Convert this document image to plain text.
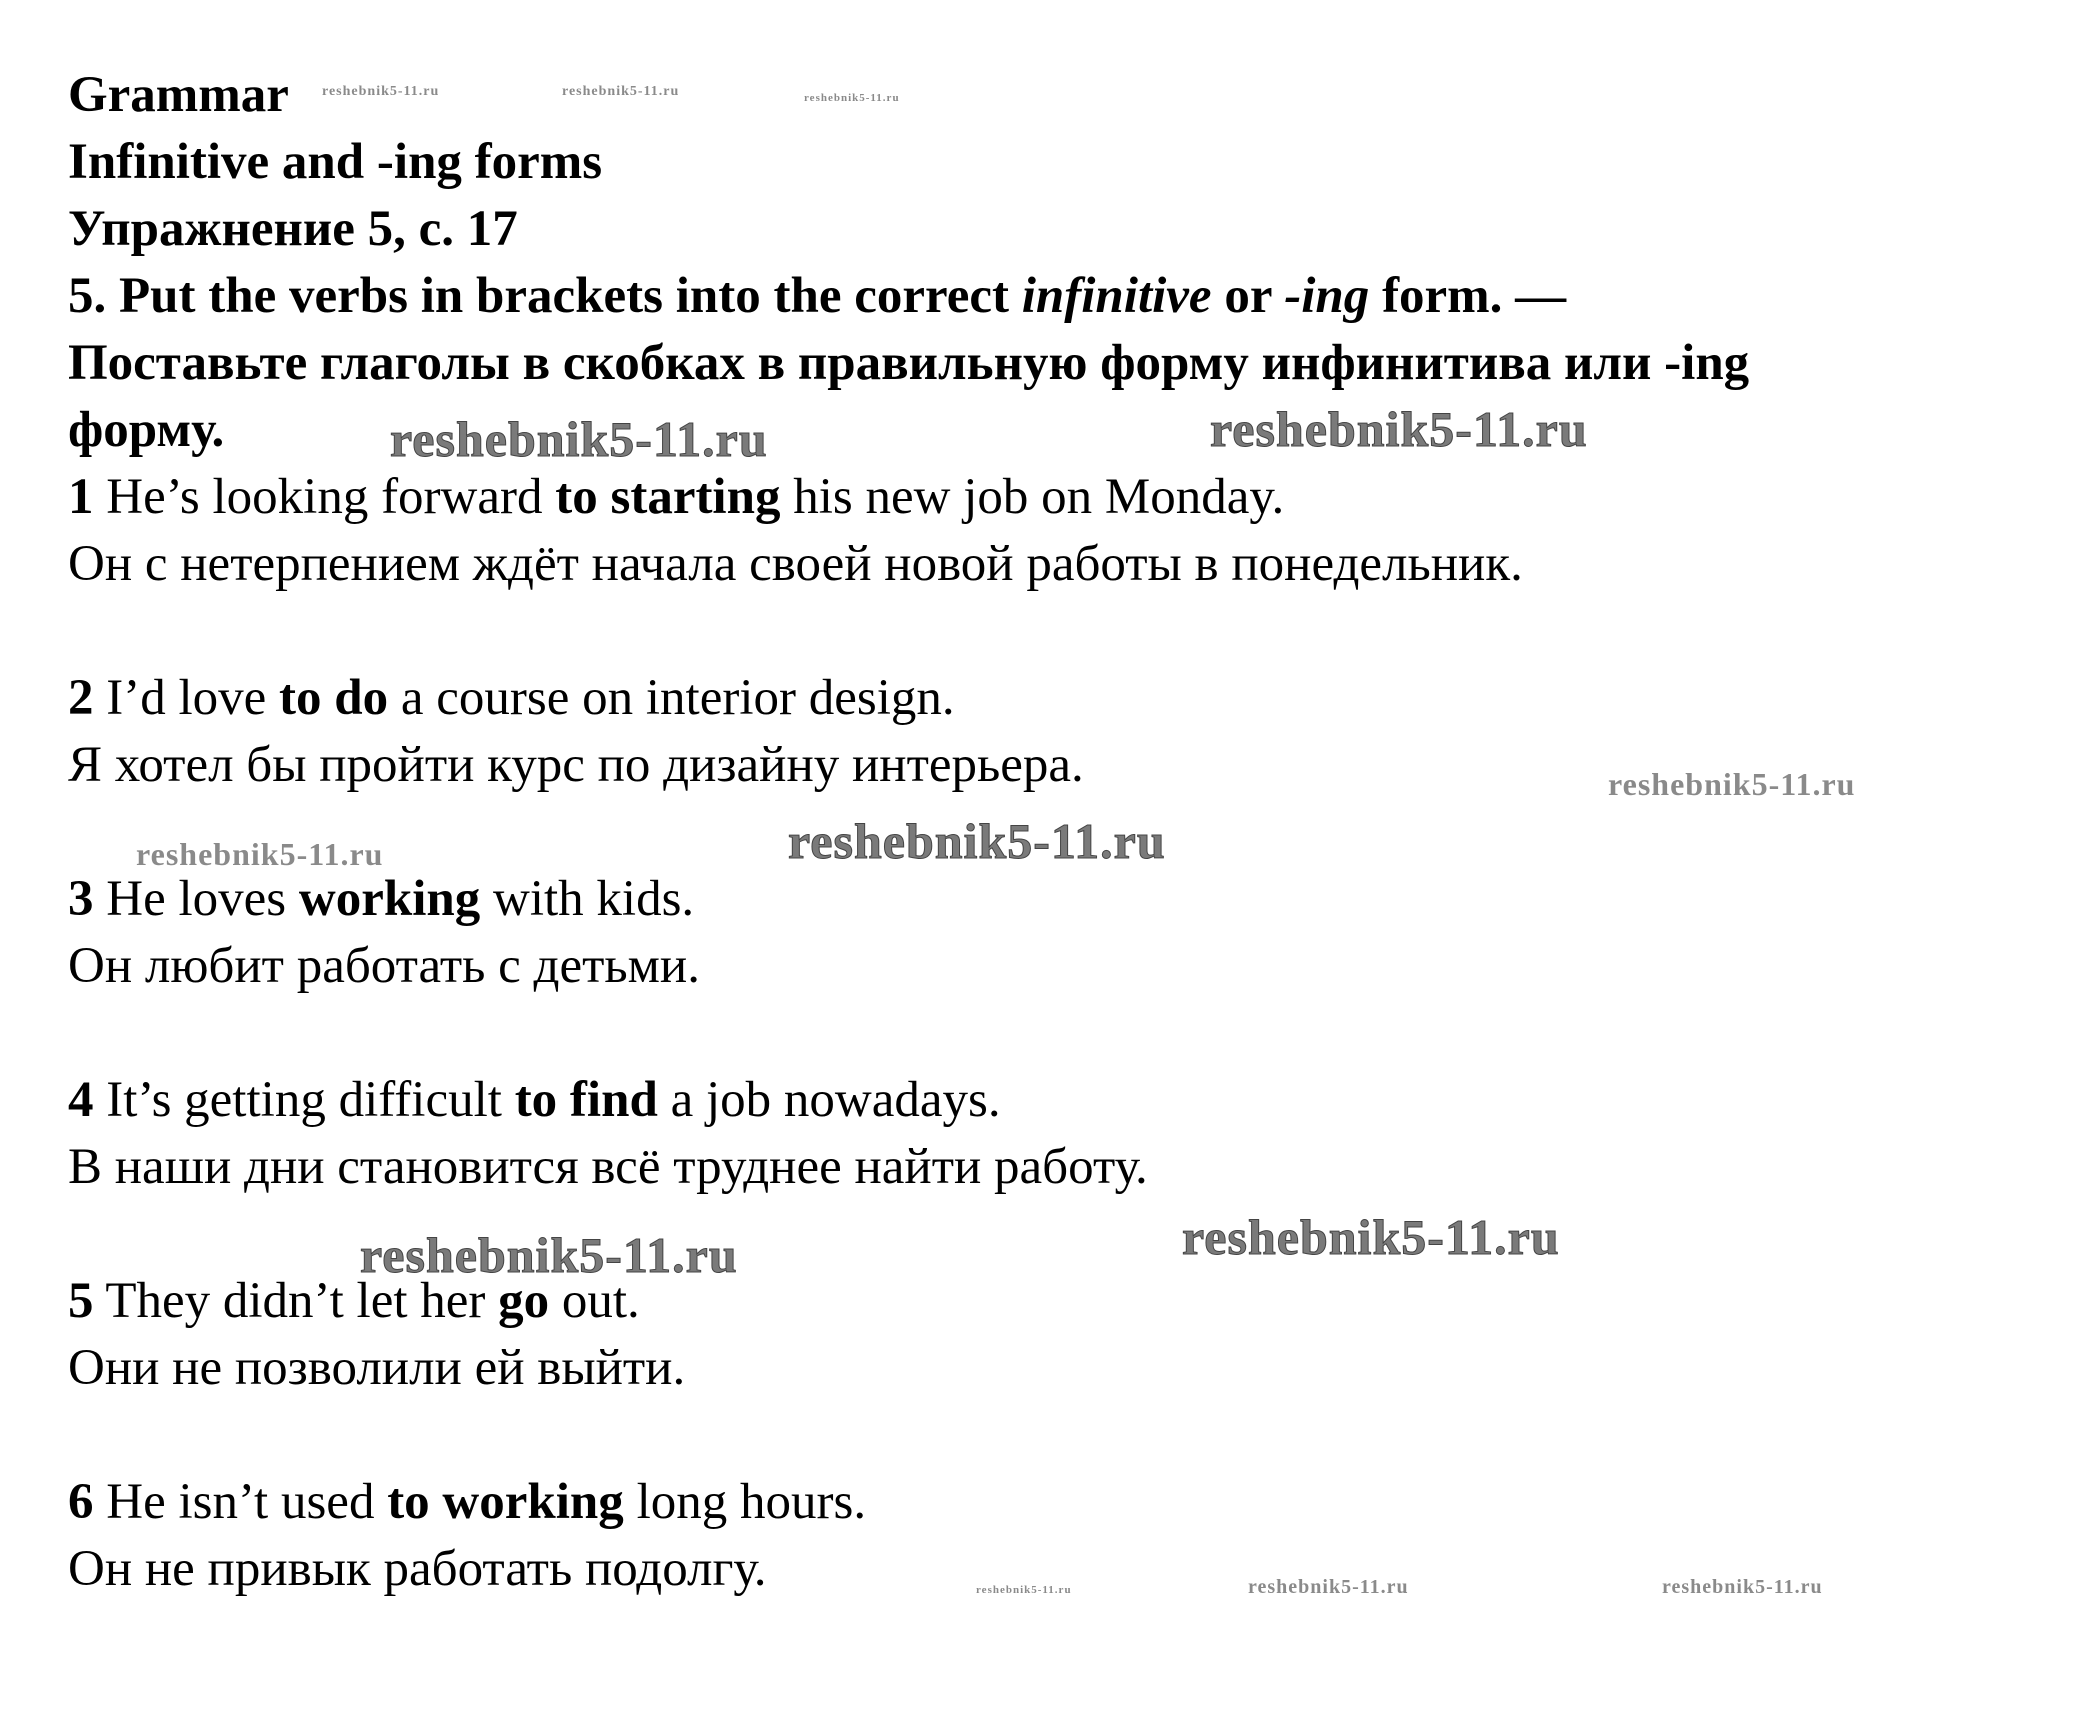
Grammar

Infinitive and -ing forms

Упражнение 5, с. 17

5. Put the verbs in brackets into the correct infinitive or -ing form. —

Поставьте глаголы в скобках в правильную форму инфинитива или -ing

форму.

1 He’s looking forward to starting his new job on Monday.

Он с нетерпением ждёт начала своей новой работы в понедельник.

2 I’d love to do a course on interior design.

Я хотел бы пройти курс по дизайну интерьера.

3 He loves working with kids.

Он любит работать с детьми.

4 It’s getting difficult to find a job nowadays.

В наши дни становится всё труднее найти работу.

5 They didn’t let her go out.

Они не позволили ей выйти.

6 He isn’t used to working long hours.

Он не привык работать подолгу.

reshebnik5-11.ru	reshebnik5-11.ru	reshebnik5-11.ru
reshebnik5-11.ru	reshebnik5-11.ru
reshebnik5-11.ru
reshebnik5-11.ru	reshebnik5-11.ru
reshebnik5-11.ru	reshebnik5-11.ru
reshebnik5-11.ru	reshebnik5-11.ru	reshebnik5-11.ru
